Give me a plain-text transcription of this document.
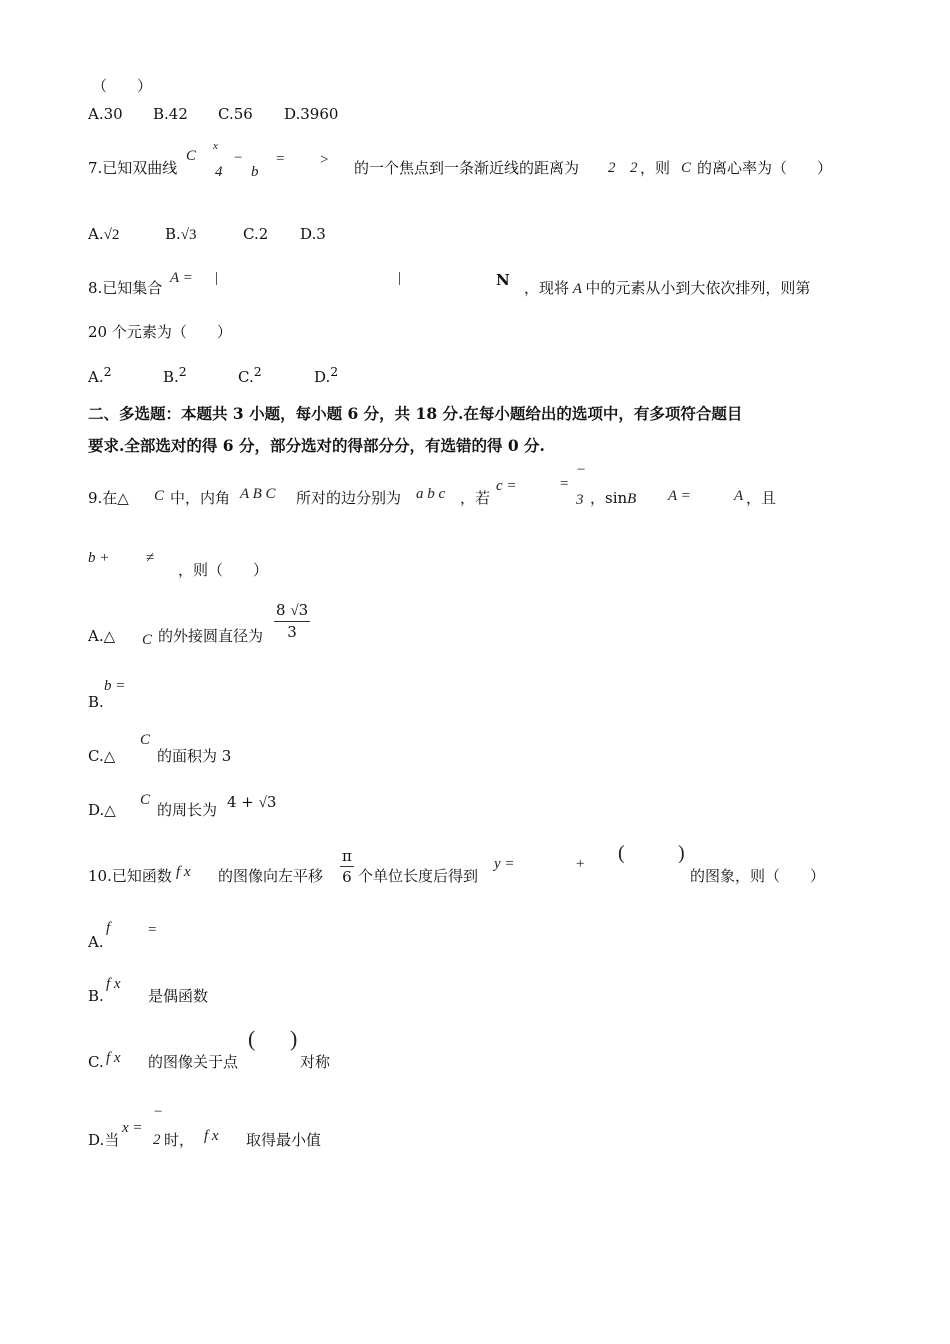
（　　）
A.30 B.42 C.56 D.3960
7.已知双曲线
C
x
4
−
b
= > 的一个焦点到一条渐近线的距离为 2 2 ，则 C 的离心率为（　　）
A.√2	B.√3	C.2 D.3
8.已知集合
A = |	|	N ，现将 A 中的元素从小到大依次排列，则第
20 个元素为（　　）
A.$^2$	B.$^2$	C.$^2$	D.$^2$
二、多选题：本题共 3 小题，每小题 6 分，共 18 分.在每小题给出的选项中，有多项符合题目
要求.全部选对的得 6 分，部分选对的得部分分，有选错的得 0 分.
9.在△ C 中，内角 A B C 所对的边分别为 a b c ，若
c =	=
−
3 ，sinB A =	A ，且
b + ≠
，则（　　）
A.△ C 的外接圆直径为 $\frac{8 √3}{3}$
b =
B.
C.△
C
的面积为 3
D.△
C
的周长为 4 + √3
10.已知函数 f x 的图像向左平移 $\frac{\pi}{6}$ 个单位长度后得到
y =	+ (	)
的图象，则（　　）
A.
f	=
B.
f x
是偶函数
C. f x 的图像关于点
( )
对称
D.当
x =
−
2 时， f x 取得最小值
